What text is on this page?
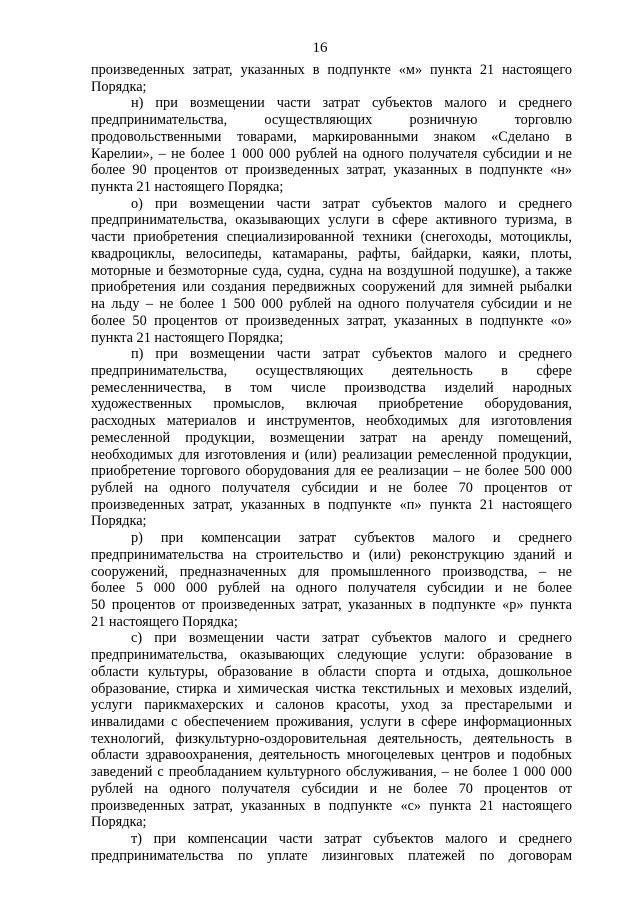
16
произведенных затрат, указанных в подпункте «м» пункта 21 настоящего
Порядка;
н) при возмещении части затрат субъектов малого и среднего
предпринимательства, осуществляющих розничную торговлю
продовольственными товарами, маркированными знаком «Сделано в
Карелии», – не более 1 000 000 рублей на одного получателя субсидии и не
более 90 процентов от произведенных затрат, указанных в подпункте «н»
пункта 21 настоящего Порядка;
о) при возмещении части затрат субъектов малого и среднего
предпринимательства, оказывающих услуги в сфере активного туризма, в
части приобретения специализированной техники (снегоходы, мотоциклы,
квадроциклы, велосипеды, катамараны, рафты, байдарки, каяки, плоты,
моторные и безмоторные суда, судна, судна на воздушной подушке), а также
приобретения или создания передвижных сооружений для зимней рыбалки
на льду – не более 1 500 000 рублей на одного получателя субсидии и не
более 50 процентов от произведенных затрат, указанных в подпункте «о»
пункта 21 настоящего Порядка;
п) при возмещении части затрат субъектов малого и среднего
предпринимательства, осуществляющих деятельность в сфере
ремесленничества, в том числе производства изделий народных
художественных промыслов, включая приобретение оборудования,
расходных материалов и инструментов, необходимых для изготовления
ремесленной продукции, возмещении затрат на аренду помещений,
необходимых для изготовления и (или) реализации ремесленной продукции,
приобретение торгового оборудования для ее реализации – не более 500 000
рублей на одного получателя субсидии и не более 70 процентов от
произведенных затрат, указанных в подпункте «п» пункта 21 настоящего
Порядка;
р) при компенсации затрат субъектов малого и среднего
предпринимательства на строительство и (или) реконструкцию зданий и
сооружений, предназначенных для промышленного производства, – не
более 5 000 000 рублей на одного получателя субсидии и не более
50 процентов от произведенных затрат, указанных в подпункте «р» пункта
21 настоящего Порядка;
с) при возмещении части затрат субъектов малого и среднего
предпринимательства, оказывающих следующие услуги: образование в
области культуры, образование в области спорта и отдыха, дошкольное
образование, стирка и химическая чистка текстильных и меховых изделий,
услуги парикмахерских и салонов красоты, уход за престарелыми и
инвалидами с обеспечением проживания, услуги в сфере информационных
технологий, физкультурно-оздоровительная деятельность, деятельность в
области здравоохранения, деятельность многоцелевых центров и подобных
заведений с преобладанием культурного обслуживания, – не более 1 000 000
рублей на одного получателя субсидии и не более 70 процентов от
произведенных затрат, указанных в подпункте «с» пункта 21 настоящего
Порядка;
т) при компенсации части затрат субъектов малого и среднего
предпринимательства по уплате лизинговых платежей по договорам
